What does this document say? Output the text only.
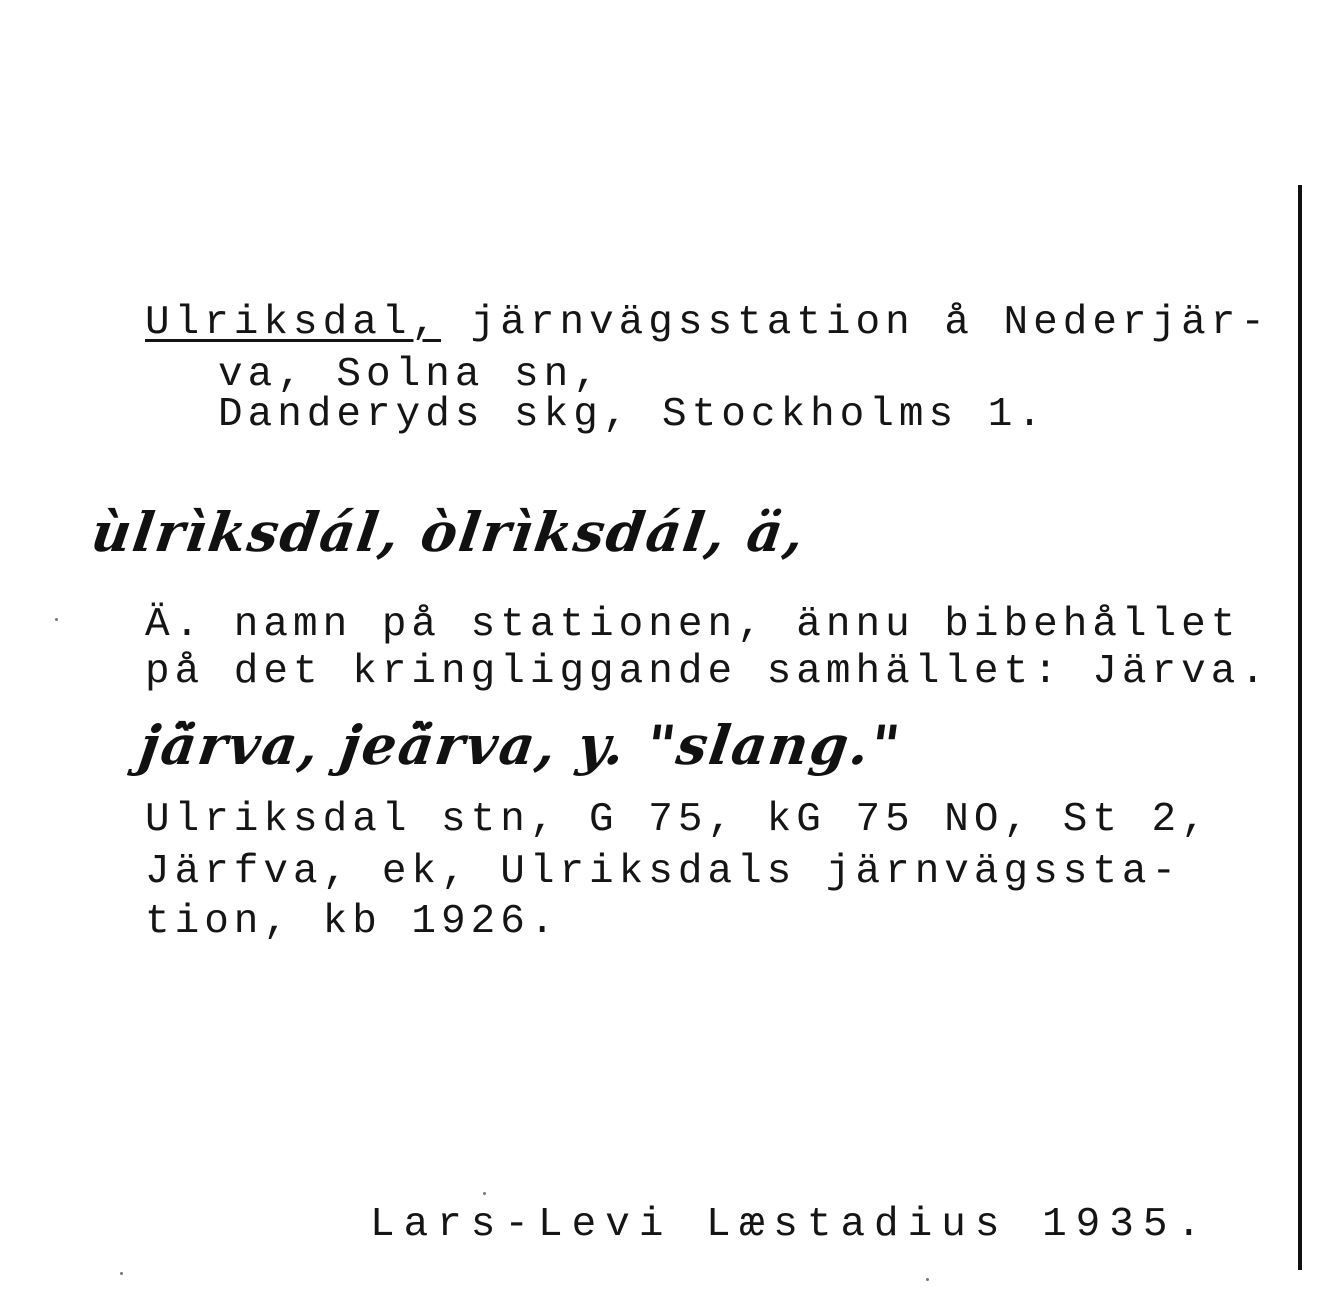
Ulriksdal, järnvägsstation å Nederjär-
va, Solna sn,
Danderyds skg, Stockholms 1.
ùlrìksdál, òlrìksdál, ä,
Ä. namn på stationen, ännu bibehållet
på det kringliggande samhället: Järva.
jä̀rva, jeä̀rva, y. "slang."
Ulriksdal stn, G 75, kG 75 NO, St 2,
Järfva, ek, Ulriksdals järnvägssta-
tion, kb 1926.
Lars-Levi Læstadius 1935.
